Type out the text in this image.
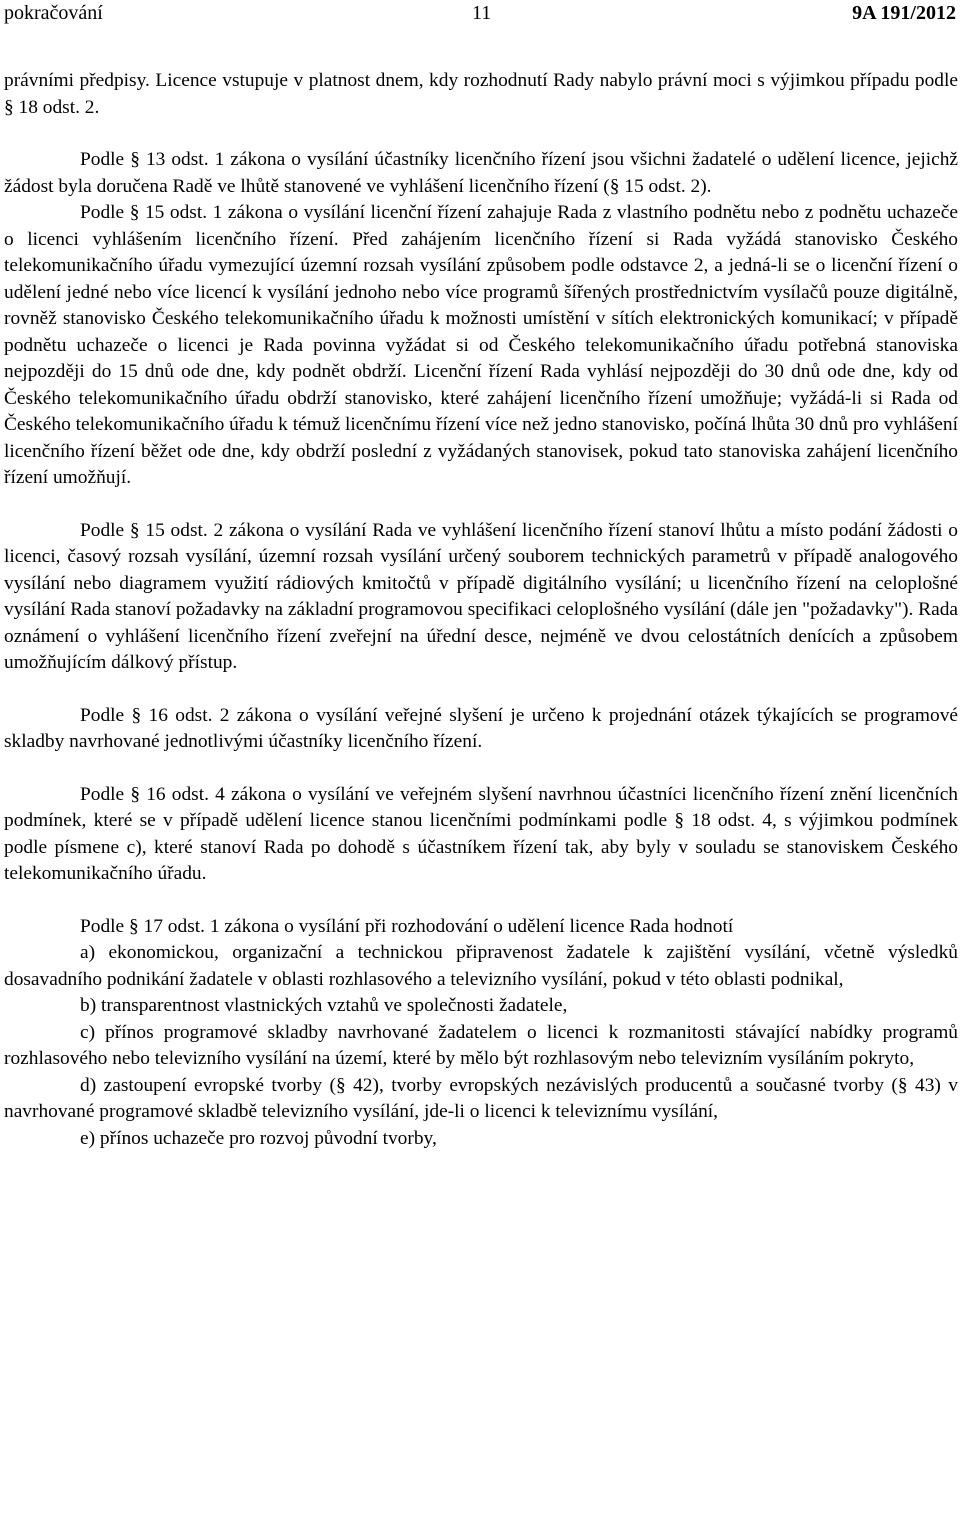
pokračování	11	9A 191/2012

právními předpisy. Licence vstupuje v platnost dnem, kdy rozhodnutí Rady nabylo právní moci s výjimkou případu podle § 18 odst. 2.

Podle § 13 odst. 1 zákona o vysílání účastníky licenčního řízení jsou všichni žadatelé o udělení licence, jejichž žádost byla doručena Radě ve lhůtě stanovené ve vyhlášení licenčního řízení (§ 15 odst. 2).

Podle § 15 odst. 1 zákona o vysílání licenční řízení zahajuje Rada z vlastního podnětu nebo z podnětu uchazeče o licenci vyhlášením licenčního řízení. Před zahájením licenčního řízení si Rada vyžádá stanovisko Českého telekomunikačního úřadu vymezující územní rozsah vysílání způsobem podle odstavce 2, a jedná-li se o licenční řízení o udělení jedné nebo více licencí k vysílání jednoho nebo více programů šířených prostřednictvím vysílačů pouze digitálně, rovněž stanovisko Českého telekomunikačního úřadu k možnosti umístění v sítích elektronických komunikací; v případě podnětu uchazeče o licenci je Rada povinna vyžádat si od Českého telekomunikačního úřadu potřebná stanoviska nejpozději do 15 dnů ode dne, kdy podnět obdrží. Licenční řízení Rada vyhlásí nejpozději do 30 dnů ode dne, kdy od Českého telekomunikačního úřadu obdrží stanovisko, které zahájení licenčního řízení umožňuje; vyžádá-li si Rada od Českého telekomunikačního úřadu k témuž licenčnímu řízení více než jedno stanovisko, počíná lhůta 30 dnů pro vyhlášení licenčního řízení běžet ode dne, kdy obdrží poslední z vyžádaných stanovisek, pokud tato stanoviska zahájení licenčního řízení umožňují.

Podle § 15 odst. 2 zákona o vysílání Rada ve vyhlášení licenčního řízení stanoví lhůtu a místo podání žádosti o licenci, časový rozsah vysílání, územní rozsah vysílání určený souborem technických parametrů v případě analogového vysílání nebo diagramem využití rádiových kmitočtů v případě digitálního vysílání; u licenčního řízení na celoplošné vysílání Rada stanoví požadavky na základní programovou specifikaci celoplošného vysílání (dále jen "požadavky"). Rada oznámení o vyhlášení licenčního řízení zveřejní na úřední desce, nejméně ve dvou celostátních denících a způsobem umožňujícím dálkový přístup.

Podle § 16 odst. 2 zákona o vysílání veřejné slyšení je určeno k projednání otázek týkajících se programové skladby navrhované jednotlivými účastníky licenčního řízení.

Podle § 16 odst. 4 zákona o vysílání ve veřejném slyšení navrhnou účastníci licenčního řízení znění licenčních podmínek, které se v případě udělení licence stanou licenčními podmínkami podle § 18 odst. 4, s výjimkou podmínek podle písmene c), které stanoví Rada po dohodě s účastníkem řízení tak, aby byly v souladu se stanoviskem Českého telekomunikačního úřadu.

Podle § 17 odst. 1 zákona o vysílání při rozhodování o udělení licence Rada hodnotí

a) ekonomickou, organizační a technickou připravenost žadatele k zajištění vysílání, včetně výsledků dosavadního podnikání žadatele v oblasti rozhlasového a televizního vysílání, pokud v této oblasti podnikal,

b) transparentnost vlastnických vztahů ve společnosti žadatele,

c) přínos programové skladby navrhované žadatelem o licenci k rozmanitosti stávající nabídky programů rozhlasového nebo televizního vysílání na území, které by mělo být rozhlasovým nebo televizním vysíláním pokryto,

d) zastoupení evropské tvorby (§ 42), tvorby evropských nezávislých producentů a současné tvorby (§ 43) v navrhované programové skladbě televizního vysílání, jde-li o licenci k televiznímu vysílání,

e) přínos uchazeče pro rozvoj původní tvorby,
